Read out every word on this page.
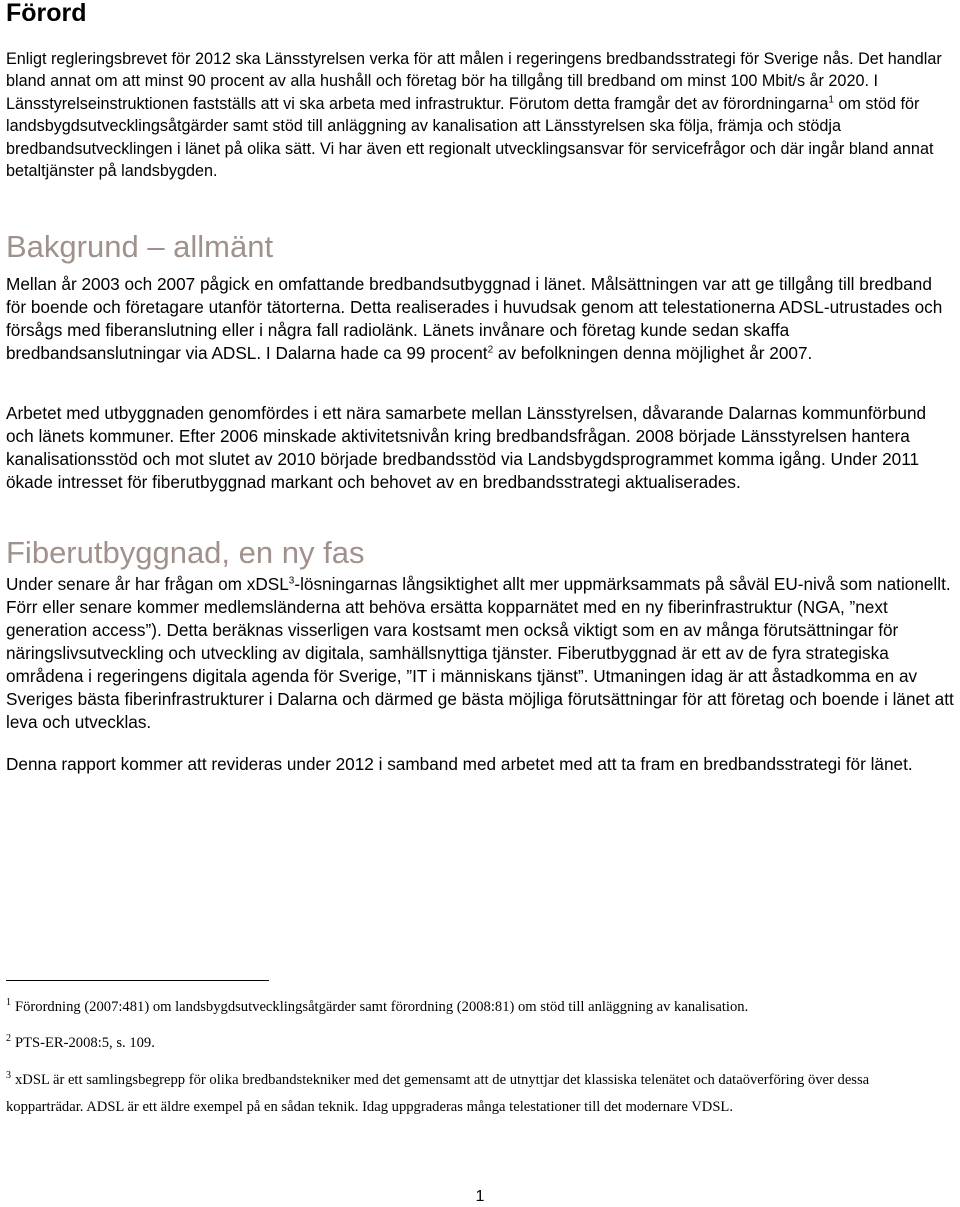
Förord

Enligt regleringsbrevet för 2012 ska Länsstyrelsen verka för att målen i regeringens bredbandsstrategi för Sverige nås. Det handlar bland annat om att minst 90 procent av alla hushåll och företag bör ha tillgång till bredband om minst 100 Mbit/s år 2020. I Länsstyrelseinstruktionen fastställs att vi ska arbeta med infrastruktur. Förutom detta framgår det av förordningarna$^1$ om stöd för landsbygdsutvecklingsåtgärder samt stöd till anläggning av kanalisation att Länsstyrelsen ska följa, främja och stödja bredbandsutvecklingen i länet på olika sätt. Vi har även ett regionalt utvecklingsansvar för servicefrågor och där ingår bland annat betaltjänster på landsbygden.

Bakgrund – allmänt

Mellan år 2003 och 2007 pågick en omfattande bredbandsutbyggnad i länet. Målsättningen var att ge tillgång till bredband för boende och företagare utanför tätorterna. Detta realiserades i huvudsak genom att telestationerna ADSL-utrustades och försågs med fiberanslutning eller i några fall radiolänk. Länets invånare och företag kunde sedan skaffa bredbandsanslutningar via ADSL. I Dalarna hade ca 99 procent$^2$ av befolkningen denna möjlighet år 2007.

Arbetet med utbyggnaden genomfördes i ett nära samarbete mellan Länsstyrelsen, dåvarande Dalarnas kommunförbund och länets kommuner. Efter 2006 minskade aktivitetsnivån kring bredbandsfrågan. 2008 började Länsstyrelsen hantera kanalisationsstöd och mot slutet av 2010 började bredbandsstöd via Landsbygdsprogrammet komma igång. Under 2011 ökade intresset för fiberutbyggnad markant och behovet av en bredbandsstrategi aktualiserades.

Fiberutbyggnad, en ny fas

Under senare år har frågan om xDSL$^3$-lösningarnas långsiktighet allt mer uppmärksammats på såväl EU-nivå som nationellt. Förr eller senare kommer medlemsländerna att behöva ersätta kopparnätet med en ny fiberinfrastruktur (NGA, ”next generation access”). Detta beräknas visserligen vara kostsamt men också viktigt som en av många förutsättningar för näringslivsutveckling och utveckling av digitala, samhällsnyttiga tjänster. Fiberutbyggnad är ett av de fyra strategiska områdena i regeringens digitala agenda för Sverige, ”IT i människans tjänst”. Utmaningen idag är att åstadkomma en av Sveriges bästa fiberinfrastrukturer i Dalarna och därmed ge bästa möjliga förutsättningar för att företag och boende i länet att leva och utvecklas.

Denna rapport kommer att revideras under 2012 i samband med arbetet med att ta fram en bredbandsstrategi för länet.

$^1$ Förordning (2007:481) om landsbygdsutvecklingsåtgärder samt förordning (2008:81) om stöd till anläggning av kanalisation.

$^2$ PTS-ER-2008:5, s. 109.

$^3$ xDSL är ett samlingsbegrepp för olika bredbandstekniker med det gemensamt att de utnyttjar det klassiska telenätet och dataöverföring över dessa kopparträdar. ADSL är ett äldre exempel på en sådan teknik. Idag uppgraderas många telestationer till det modernare VDSL.

1
